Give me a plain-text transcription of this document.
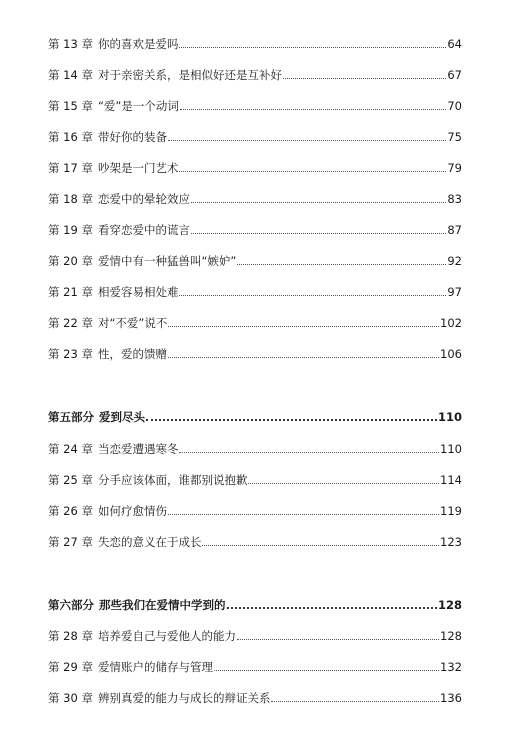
第 13 章 你的喜欢是爱吗	64
第 14 章 对于亲密关系，是相似好还是互补好	67
第 15 章 “爱”是一个动词	70
第 16 章 带好你的装备	75
第 17 章 吵架是一门艺术	79
第 18 章 恋爱中的晕轮效应	83
第 19 章 看穿恋爱中的谎言	87
第 20 章 爱情中有一种猛兽叫“嫉妒”	92
第 21 章 相爱容易相处难	97
第 22 章 对“不爱”说不	102
第 23 章 性，爱的馈赠	106
第五部分 爱到尽头	110
第 24 章 当恋爱遭遇寒冬	110
第 25 章 分手应该体面，谁都别说抱歉	114
第 26 章 如何疗愈情伤	119
第 27 章 失恋的意义在于成长	123
第六部分 那些我们在爱情中学到的	128
第 28 章 培养爱自己与爱他人的能力	128
第 29 章 爱情账户的储存与管理	132
第 30 章 辨别真爱的能力与成长的辩证关系	136
